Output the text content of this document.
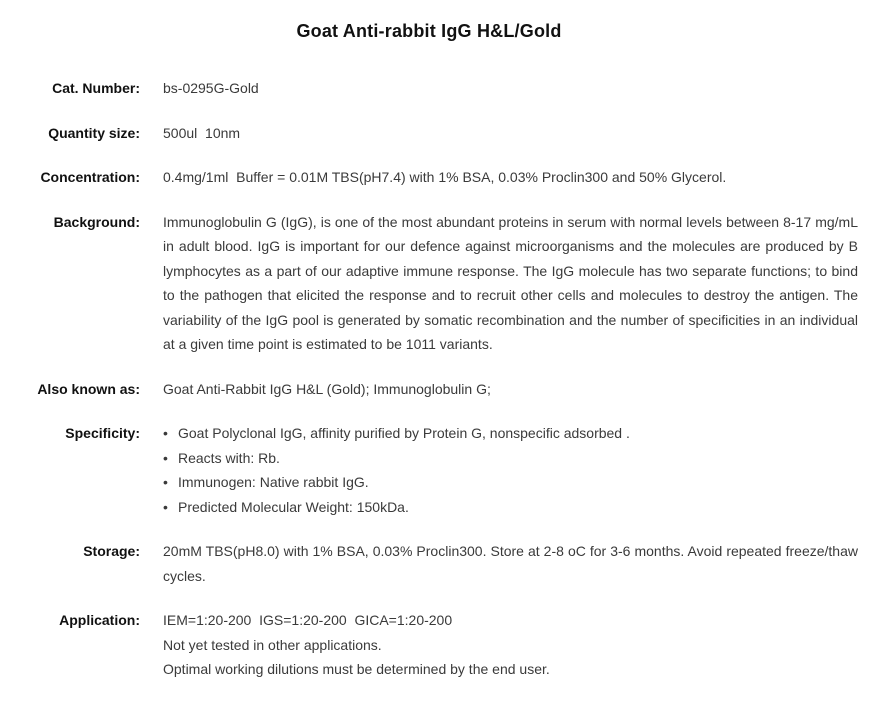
Goat Anti-rabbit IgG H&L/Gold
Cat. Number: bs-0295G-Gold
Quantity size: 500ul  10nm
Concentration: 0.4mg/1ml  Buffer = 0.01M TBS(pH7.4) with 1% BSA, 0.03% Proclin300 and 50% Glycerol.
Background: Immunoglobulin G (IgG), is one of the most abundant proteins in serum with normal levels between 8-17 mg/mL in adult blood. IgG is important for our defence against microorganisms and the molecules are produced by B lymphocytes as a part of our adaptive immune response. The IgG molecule has two separate functions; to bind to the pathogen that elicited the response and to recruit other cells and molecules to destroy the antigen. The variability of the IgG pool is generated by somatic recombination and the number of specificities in an individual at a given time point is estimated to be 1011 variants.
Also known as: Goat Anti-Rabbit IgG H&L (Gold); Immunoglobulin G;
Specificity: • Goat Polyclonal IgG, affinity purified by Protein G, nonspecific adsorbed .
• Reacts with: Rb.
• Immunogen: Native rabbit IgG.
• Predicted Molecular Weight: 150kDa.
Storage: 20mM TBS(pH8.0) with 1% BSA, 0.03% Proclin300. Store at 2-8 oC for 3-6 months. Avoid repeated freeze/thaw cycles.
Application: IEM=1:20-200  IGS=1:20-200  GICA=1:20-200
Not yet tested in other applications.
Optimal working dilutions must be determined by the end user.
